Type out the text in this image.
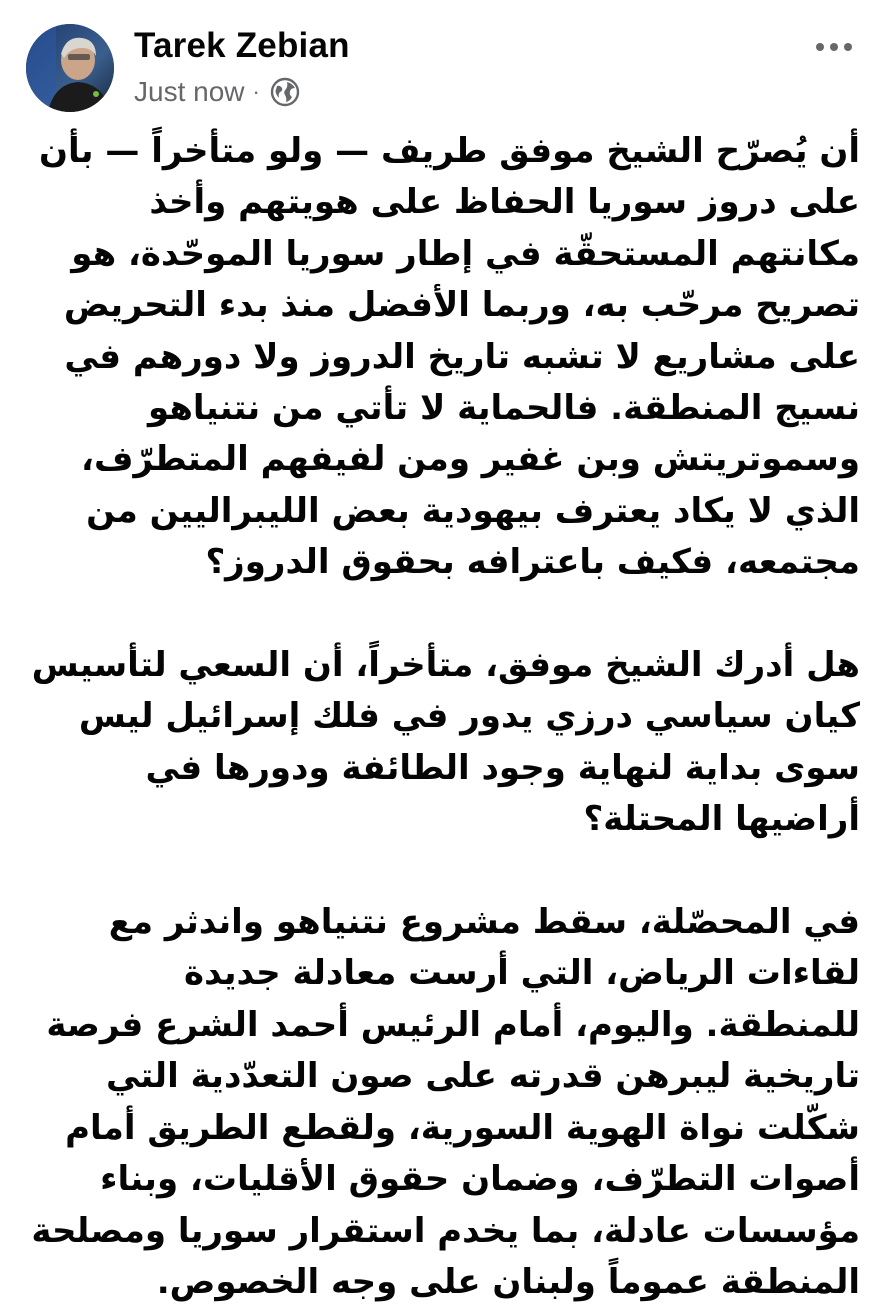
Tarek Zebian
Just now ·

أن يُصرّح الشيخ موفق طريف — ولو متأخراً — بأن على دروز سوريا الحفاظ على هويتهم وأخذ مكانتهم المستحقّة في إطار سوريا الموحّدة، هو تصريح مرحّب به، وربما الأفضل منذ بدء التحريض على مشاريع لا تشبه تاريخ الدروز ولا دورهم في نسيج المنطقة. فالحماية لا تأتي من نتنياهو وسموتريتش وبن غفير ومن لفيفهم المتطرّف، الذي لا يكاد يعترف بيهودية بعض الليبراليين من مجتمعه، فكيف باعترافه بحقوق الدروز؟

هل أدرك الشيخ موفق، متأخراً، أن السعي لتأسيس كيان سياسي درزي يدور في فلك إسرائيل ليس سوى بداية لنهاية وجود الطائفة ودورها في أراضيها المحتلة؟

في المحصّلة، سقط مشروع نتنياهو واندثر مع لقاءات الرياض، التي أرست معادلة جديدة للمنطقة. واليوم، أمام الرئيس أحمد الشرع فرصة تاريخية ليبرهن قدرته على صون التعدّدية التي شكّلت نواة الهوية السورية، ولقطع الطريق أمام أصوات التطرّف، وضمان حقوق الأقليات، وبناء مؤسسات عادلة، بما يخدم استقرار سوريا ومصلحة المنطقة عموماً ولبنان على وجه الخصوص.
